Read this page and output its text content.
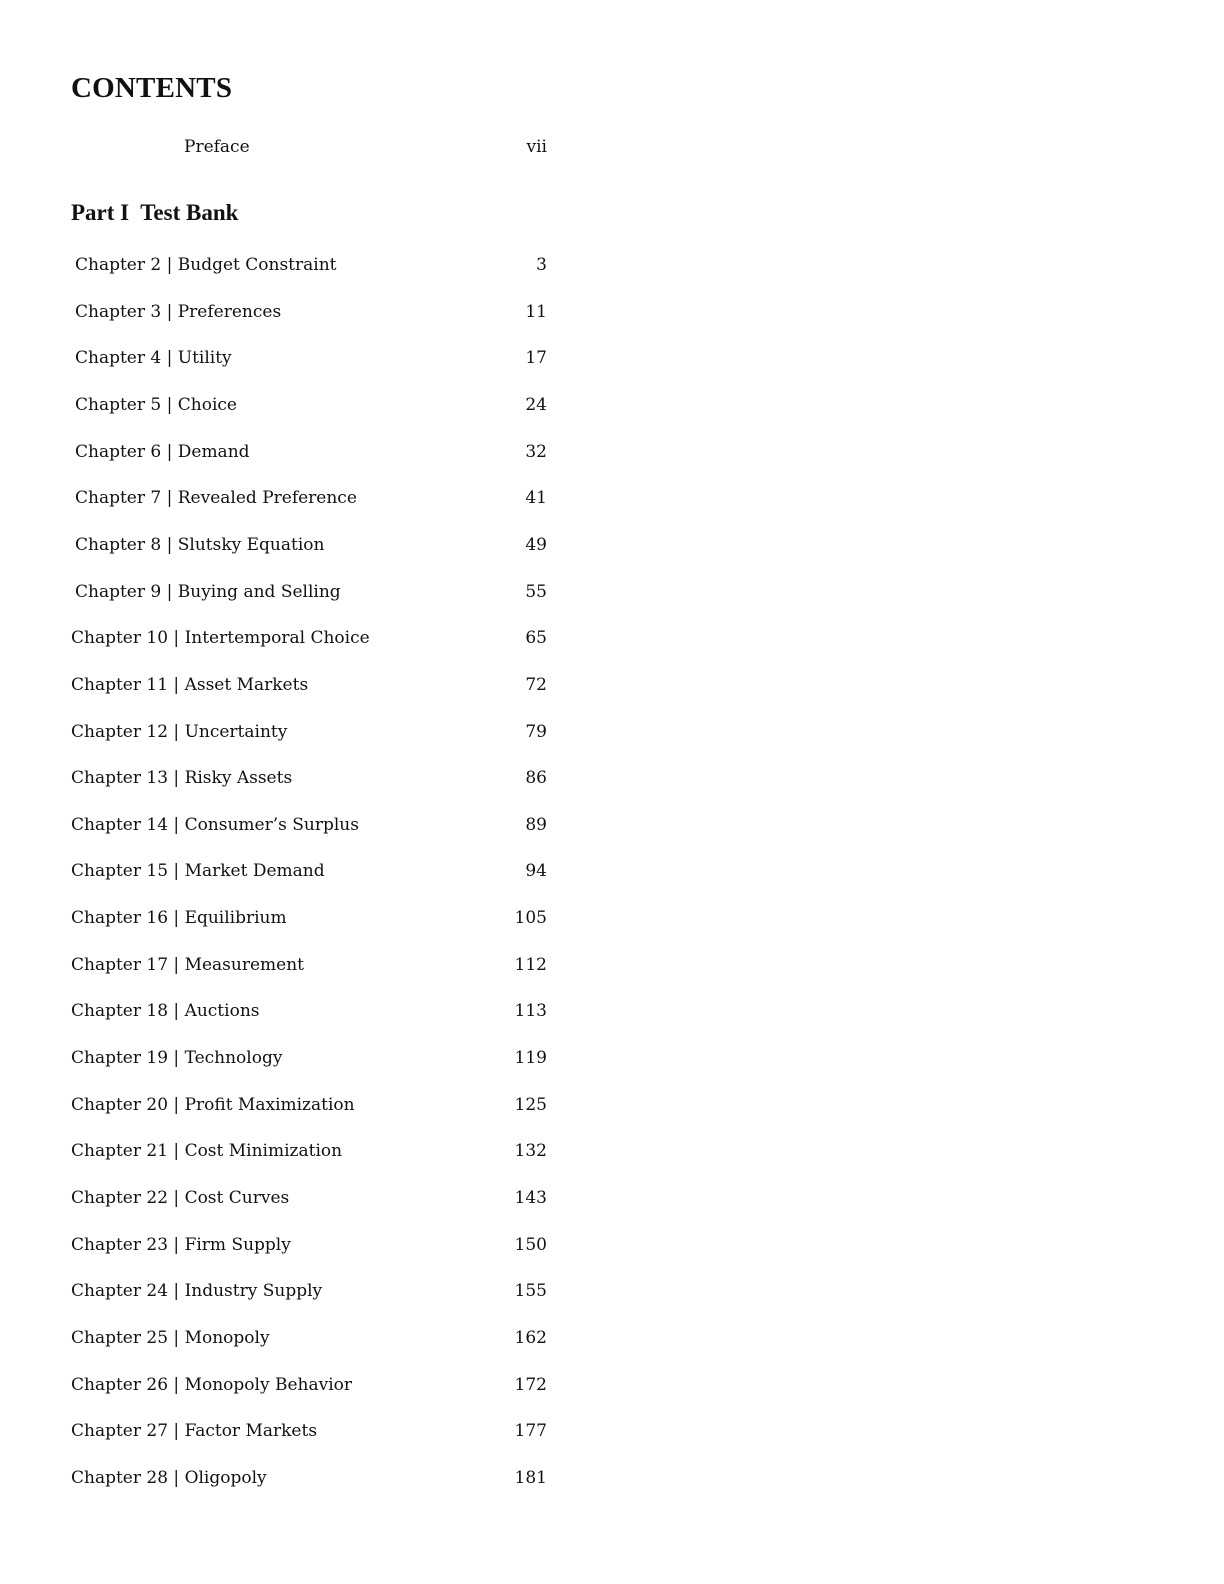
CONTENTS
Preface	vii
Part I  Test Bank
Chapter 2 | Budget Constraint	3
Chapter 3 | Preferences	11
Chapter 4 | Utility	17
Chapter 5 | Choice	24
Chapter 6 | Demand	32
Chapter 7 | Revealed Preference	41
Chapter 8 | Slutsky Equation	49
Chapter 9 | Buying and Selling	55
Chapter 10 | Intertemporal Choice	65
Chapter 11 | Asset Markets	72
Chapter 12 | Uncertainty	79
Chapter 13 | Risky Assets	86
Chapter 14 | Consumer’s Surplus	89
Chapter 15 | Market Demand	94
Chapter 16 | Equilibrium	105
Chapter 17 | Measurement	112
Chapter 18 | Auctions	113
Chapter 19 | Technology	119
Chapter 20 | Profit Maximization	125
Chapter 21 | Cost Minimization	132
Chapter 22 | Cost Curves	143
Chapter 23 | Firm Supply	150
Chapter 24 | Industry Supply	155
Chapter 25 | Monopoly	162
Chapter 26 | Monopoly Behavior	172
Chapter 27 | Factor Markets	177
Chapter 28 | Oligopoly	181
